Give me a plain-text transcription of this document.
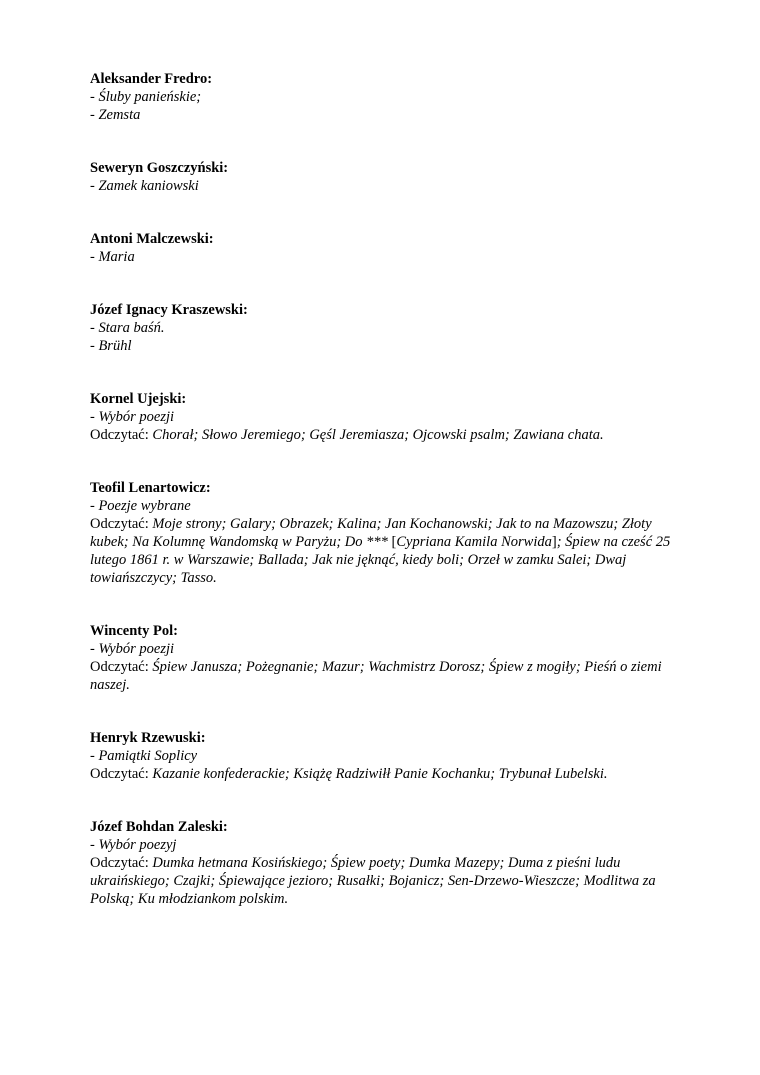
Aleksander Fredro:

- Śluby panieńskie;

- Zemsta

Seweryn Goszczyński:

- Zamek kaniowski

Antoni Malczewski:

- Maria

Józef Ignacy Kraszewski:

- Stara baśń.

- Brühl

Kornel Ujejski:

- Wybór poezji

Odczytać: Chorał; Słowo Jeremiego; Gęśl Jeremiasza; Ojcowski psalm; Zawiana chata.

Teofil Lenartowicz:

- Poezje wybrane

Odczytać: Moje strony; Galary; Obrazek; Kalina; Jan Kochanowski; Jak to na Mazowszu; Złoty kubek; Na Kolumnę Wandomską w Paryżu; Do *** [Cypriana Kamila Norwida]; Śpiew na cześć 25 lutego 1861 r. w Warszawie; Ballada; Jak nie jęknąć, kiedy boli; Orzeł w zamku Salei; Dwaj towiańszczycy; Tasso.

Wincenty Pol:

- Wybór poezji

Odczytać: Śpiew Janusza; Pożegnanie; Mazur; Wachmistrz Dorosz; Śpiew z mogiły; Pieśń o ziemi naszej.

Henryk Rzewuski:

- Pamiątki Soplicy

Odczytać: Kazanie konfederackie; Książę Radziwiłł Panie Kochanku; Trybunał Lubelski.

Józef Bohdan Zaleski:

- Wybór poezyj

Odczytać: Dumka hetmana Kosińskiego; Śpiew poety; Dumka Mazepy; Duma z pieśni ludu ukraińskiego; Czajki; Śpiewające jezioro; Rusałki; Bojanicz; Sen-Drzewo-Wieszcze; Modlitwa za Polską; Ku młodziankom polskim.
